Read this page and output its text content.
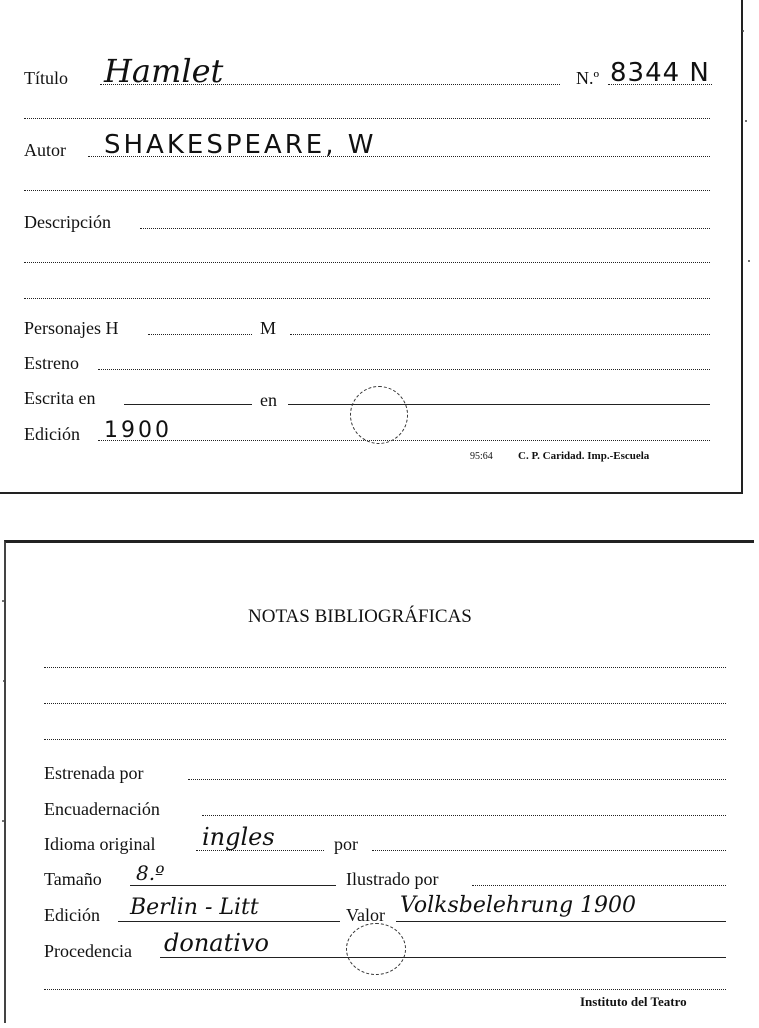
Título Hamlet	N.º 8344 N
Autor SHAKESPEARE, W
Descripción
Personajes H	M
Estreno
Escrita en	en
Edición 1900
95:64 C. P. Caridad. Imp.-Escuela
NOTAS BIBLIOGRÁFICAS
Estrenada por
Encuadernación
Idioma original ingles	por
Tamaño 8.º	Ilustrado por
Edición Berlin - Litt	Valor Volksbelehrung 1900
Procedencia donativo
Instituto del Teatro
